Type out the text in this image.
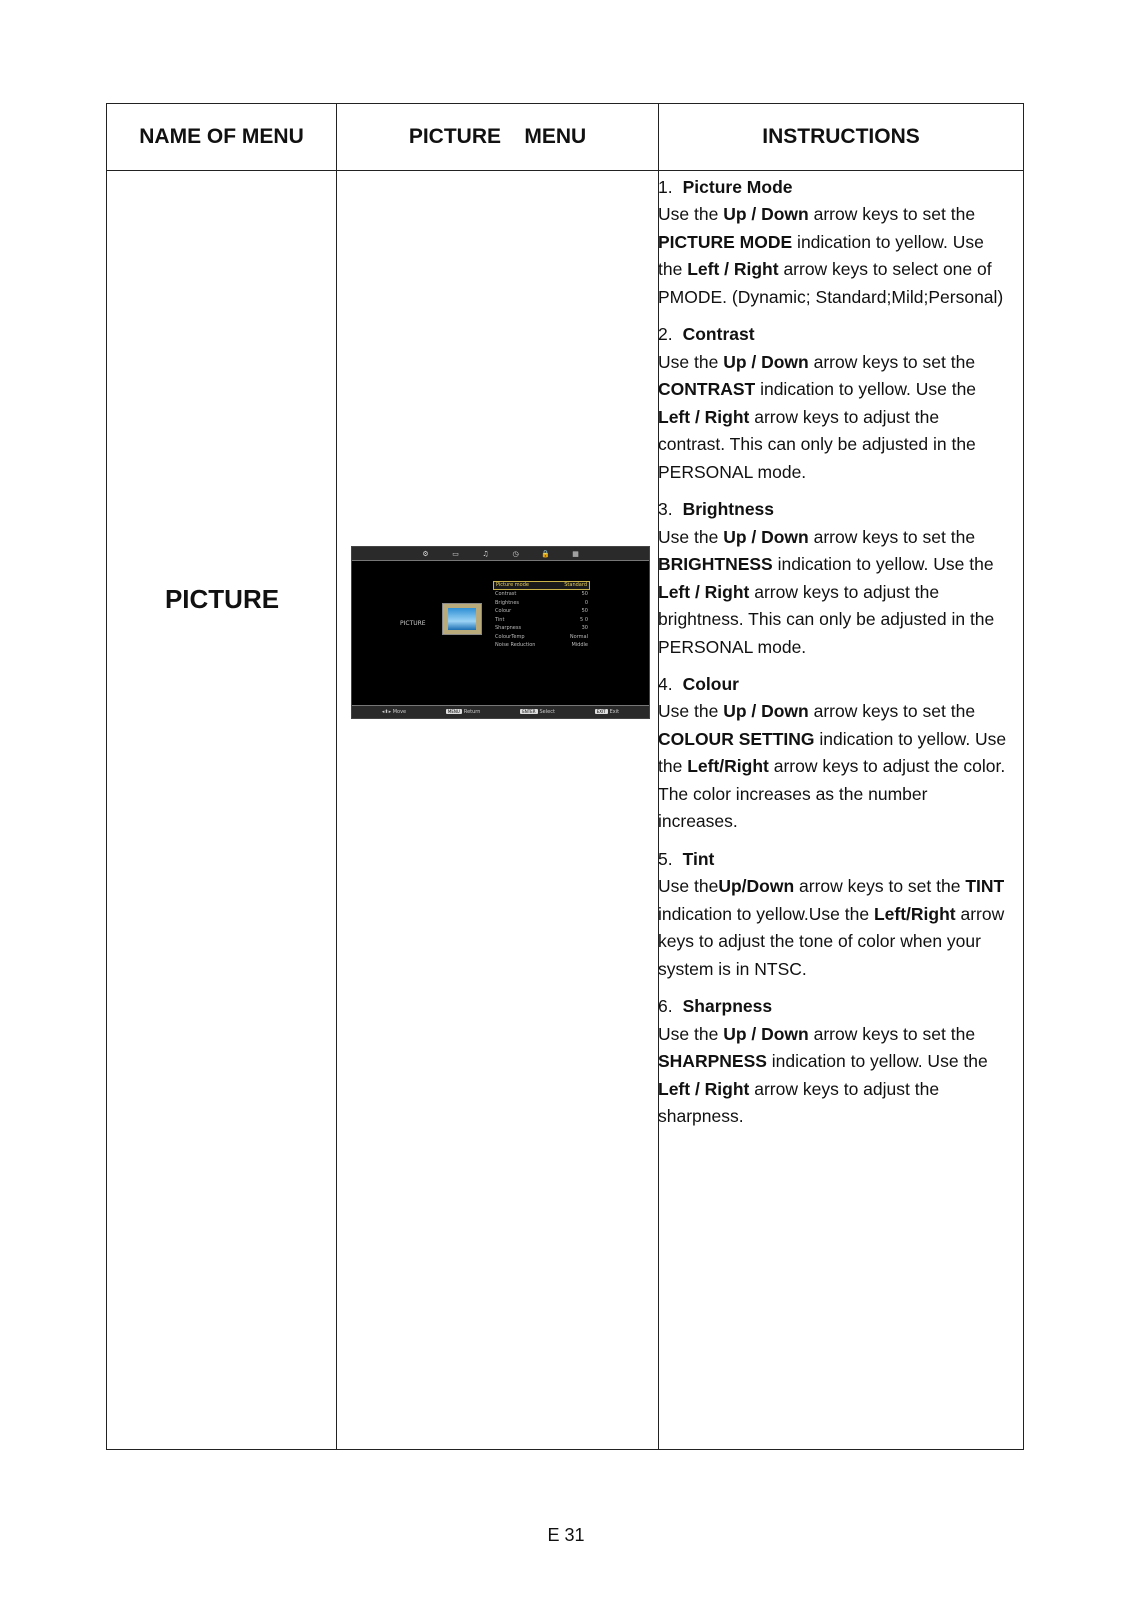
NAME OF MENU	PICTURE    MENU	INSTRUCTIONS
PICTURE
⚙	▭	♫	◷	🔒	▦
PICTURE
Picture mode	Standard
Contrast	50
Brightnes	0
Colour	50
Tint	5 0
Sharpness	30
ColourTemp	Normal
Noise Reduction	Middle
◂⬍▸ Move	MENU Return	ENTER Select	EXIT Exit
1. Picture Mode
Use the Up / Down arrow keys to set the PICTURE MODE indication to yellow. Use the Left / Right arrow keys to select one of PMODE. (Dynamic; Standard;Mild;Personal)
2. Contrast
Use the Up / Down arrow keys to set the CONTRAST indication to yellow. Use the Left / Right arrow keys to adjust the contrast. This can only be adjusted in the PERSONAL mode.
3. Brightness
Use the Up / Down arrow keys to set the BRIGHTNESS indication to yellow. Use the Left / Right arrow keys to adjust the brightness. This can only be adjusted in the PERSONAL mode.
4. Colour
Use the Up / Down arrow keys to set the COLOUR SETTING indication to yellow. Use the Left/Right arrow keys to adjust the color. The color increases as the number increases.
5. Tint
Use theUp/Down arrow keys to set the TINT indication to yellow.Use the Left/Right arrow keys to adjust the tone of color when your system is in NTSC.
6. Sharpness
Use the Up / Down arrow keys to set the SHARPNESS indication to yellow. Use the Left / Right arrow keys to adjust the sharpness.
E 31
